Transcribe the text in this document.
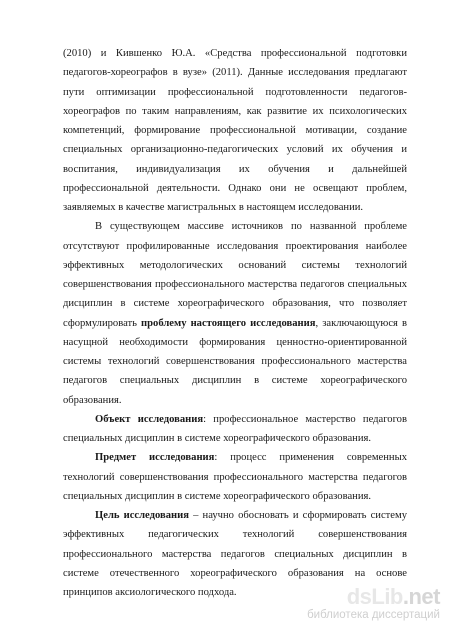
(2010) и Кившенко Ю.А. «Средства профессиональной подготовки
педагогов-хореографов в вузе» (2011). Данные исследования предлагают
пути оптимизации профессиональной подготовленности педагогов-
хореографов по таким направлениям, как развитие их психологических
компетенций, формирование профессиональной мотивации, создание
специальных организационно-педагогических условий их обучения и
воспитания, индивидуализация их обучения и дальнейшей
профессиональной деятельности. Однако они не освещают проблем,
заявляемых в качестве магистральных в настоящем исследовании.
В существующем массиве источников по названной проблеме
отсутствуют профилированные исследования проектирования наиболее
эффективных методологических оснований системы технологий
совершенствования профессионального мастерства педагогов специальных
дисциплин в системе хореографического образования, что позволяет
сформулировать проблему настоящего исследования, заключающуюся в
насущной необходимости формирования ценностно-ориентированной
системы технологий совершенствования профессионального мастерства
педагогов специальных дисциплин в системе хореографического
образования.
Объект исследования: профессиональное мастерство педагогов
специальных дисциплин в системе хореографического образования.
Предмет исследования: процесс применения современных
технологий совершенствования профессионального мастерства педагогов
специальных дисциплин в системе хореографического образования.
Цель исследования – научно обосновать и сформировать систему
эффективных педагогических технологий совершенствования
профессионального мастерства педагогов специальных дисциплин в
системе отечественного хореографического образования на основе
принципов аксиологического подхода.	dsLib.net
библиотека диссертаций
